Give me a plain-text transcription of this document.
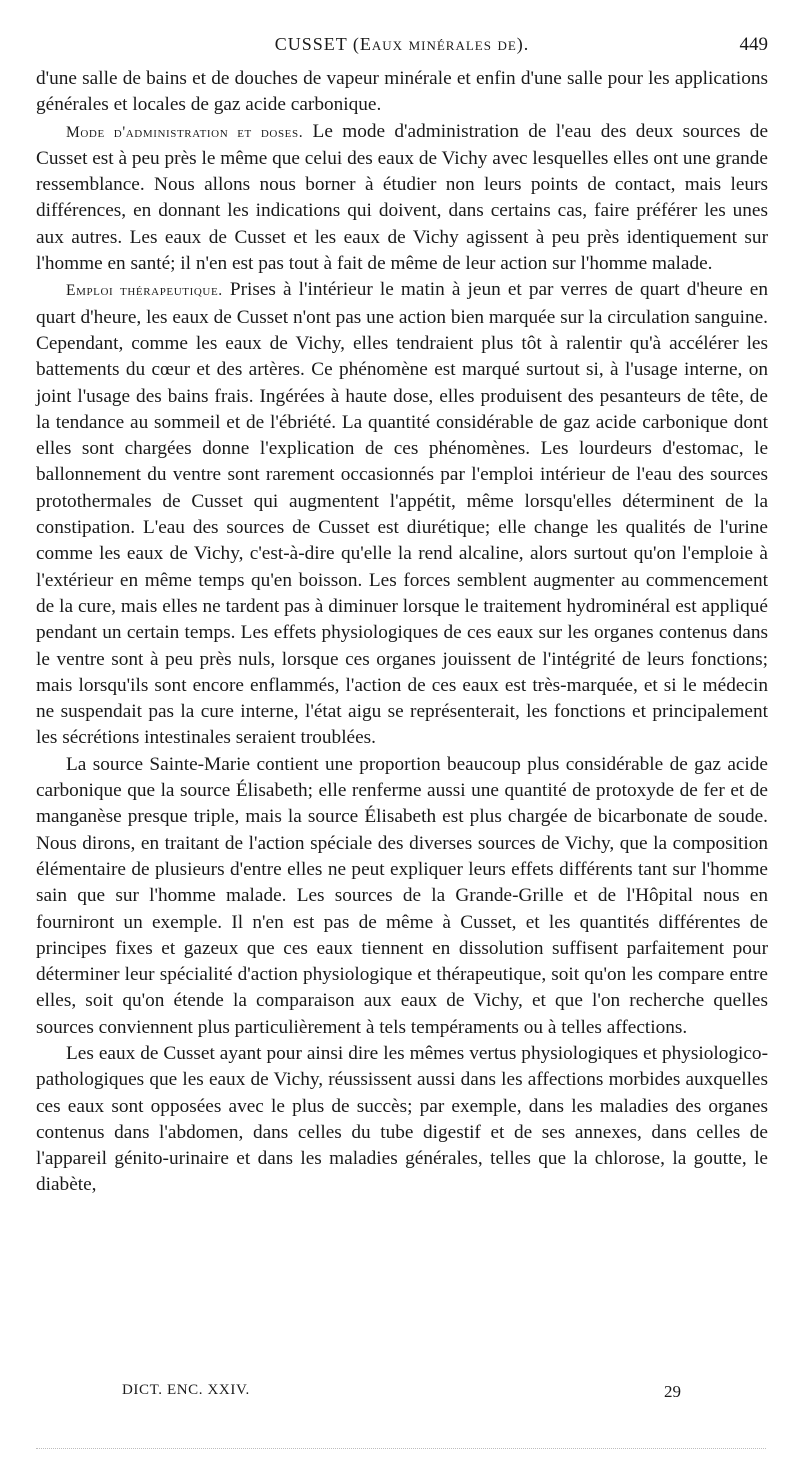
CUSSET (Eaux minérales de).	449

d'une salle de bains et de douches de vapeur minérale et enfin d'une salle pour les applications générales et locales de gaz acide carbonique.

Mode d'administration et doses. Le mode d'administration de l'eau des deux sources de Cusset est à peu près le même que celui des eaux de Vichy avec lesquelles elles ont une grande ressemblance. Nous allons nous borner à étudier non leurs points de contact, mais leurs différences, en donnant les indications qui doivent, dans certains cas, faire préférer les unes aux autres. Les eaux de Cusset et les eaux de Vichy agissent à peu près identiquement sur l'homme en santé; il n'en est pas tout à fait de même de leur action sur l'homme malade.

Emploi thérapeutique. Prises à l'intérieur le matin à jeun et par verres de quart d'heure en quart d'heure, les eaux de Cusset n'ont pas une action bien marquée sur la circulation sanguine. Cependant, comme les eaux de Vichy, elles tendraient plus tôt à ralentir qu'à accélérer les battements du cœur et des artères. Ce phénomène est marqué surtout si, à l'usage interne, on joint l'usage des bains frais. Ingérées à haute dose, elles produisent des pesanteurs de tête, de la tendance au sommeil et de l'ébriété. La quantité considérable de gaz acide carbonique dont elles sont chargées donne l'explication de ces phénomènes. Les lourdeurs d'estomac, le ballonnement du ventre sont rarement occasionnés par l'emploi intérieur de l'eau des sources protothermales de Cusset qui augmentent l'appétit, même lorsqu'elles déterminent de la constipation. L'eau des sources de Cusset est diurétique; elle change les qualités de l'urine comme les eaux de Vichy, c'est-à-dire qu'elle la rend alcaline, alors surtout qu'on l'emploie à l'extérieur en même temps qu'en boisson. Les forces semblent augmenter au commencement de la cure, mais elles ne tardent pas à diminuer lorsque le traitement hydrominéral est appliqué pendant un certain temps. Les effets physiologiques de ces eaux sur les organes contenus dans le ventre sont à peu près nuls, lorsque ces organes jouissent de l'intégrité de leurs fonctions; mais lorsqu'ils sont encore enflammés, l'action de ces eaux est très-marquée, et si le médecin ne suspendait pas la cure interne, l'état aigu se représenterait, les fonctions et principalement les sécrétions intestinales seraient troublées.

La source Sainte-Marie contient une proportion beaucoup plus considérable de gaz acide carbonique que la source Élisabeth; elle renferme aussi une quantité de protoxyde de fer et de manganèse presque triple, mais la source Élisabeth est plus chargée de bicarbonate de soude. Nous dirons, en traitant de l'action spéciale des diverses sources de Vichy, que la composition élémentaire de plusieurs d'entre elles ne peut expliquer leurs effets différents tant sur l'homme sain que sur l'homme malade. Les sources de la Grande-Grille et de l'Hôpital nous en fourniront un exemple. Il n'en est pas de même à Cusset, et les quantités différentes de principes fixes et gazeux que ces eaux tiennent en dissolution suffisent parfaitement pour déterminer leur spécialité d'action physiologique et thérapeutique, soit qu'on les compare entre elles, soit qu'on étende la comparaison aux eaux de Vichy, et que l'on recherche quelles sources conviennent plus particulièrement à tels tempéraments ou à telles affections.

Les eaux de Cusset ayant pour ainsi dire les mêmes vertus physiologiques et physiologico-pathologiques que les eaux de Vichy, réussissent aussi dans les affections morbides auxquelles ces eaux sont opposées avec le plus de succès; par exemple, dans les maladies des organes contenus dans l'abdomen, dans celles du tube digestif et de ses annexes, dans celles de l'appareil génito-urinaire et dans les maladies générales, telles que la chlorose, la goutte, le diabète,

DICT. ENC. XXIV.	29
